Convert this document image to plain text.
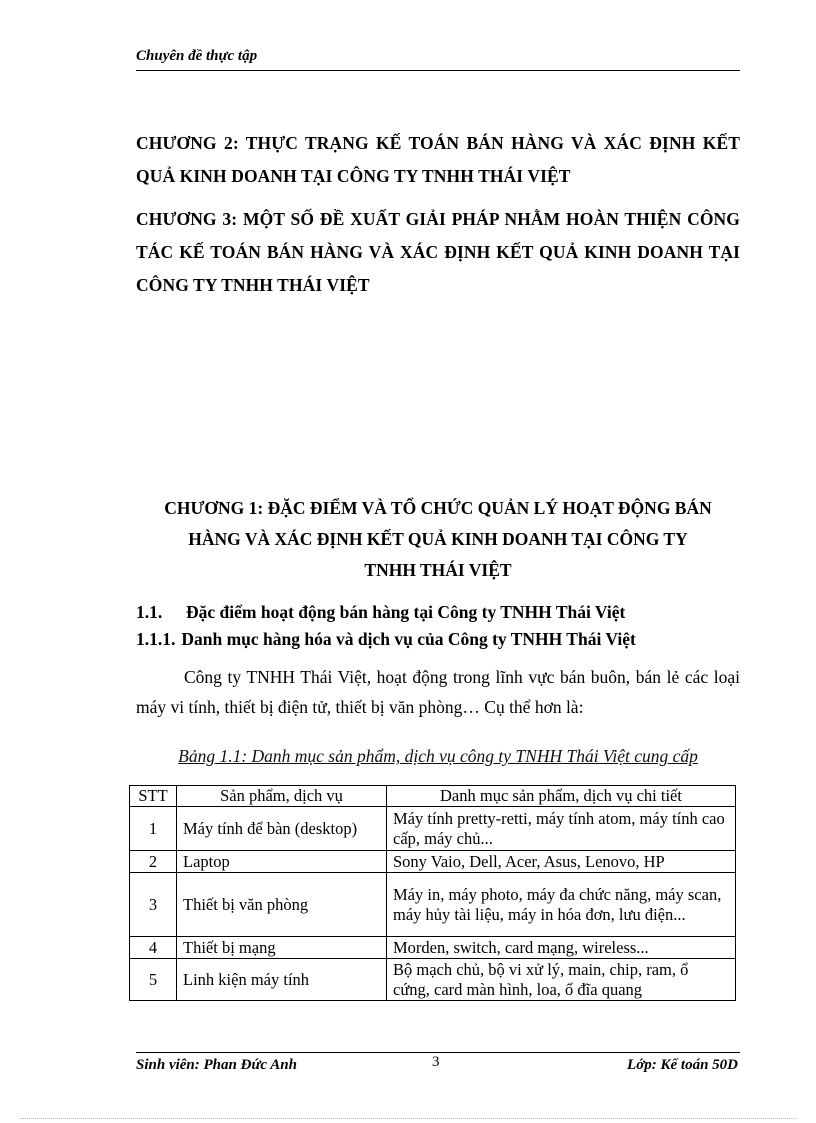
Chuyên đề thực tập
CHƯƠNG 2: THỰC TRẠNG KẾ TOÁN BÁN HÀNG VÀ XÁC ĐỊNH KẾT QUẢ KINH DOANH TẠI CÔNG TY TNHH THÁI VIỆT
CHƯƠNG 3: MỘT SỐ ĐỀ XUẤT GIẢI PHÁP NHẰM HOÀN THIỆN CÔNG TÁC KẾ TOÁN BÁN HÀNG VÀ XÁC ĐỊNH KẾT QUẢ KINH DOANH TẠI CÔNG TY TNHH THÁI VIỆT
CHƯƠNG 1: ĐẶC ĐIỂM VÀ TỔ CHỨC QUẢN LÝ HOẠT ĐỘNG BÁN
HÀNG VÀ XÁC ĐỊNH KẾT QUẢ KINH DOANH TẠI CÔNG TY
TNHH THÁI VIỆT
1.1. Đặc điểm hoạt động bán hàng tại Công ty TNHH Thái Việt
1.1.1. Danh mục hàng hóa và dịch vụ của Công ty TNHH Thái Việt
Công ty TNHH Thái Việt, hoạt động trong lĩnh vực bán buôn, bán lẻ các loại máy vi tính, thiết bị điện tử, thiết bị văn phòng… Cụ thể hơn là:
Bảng 1.1: Danh mục sản phẩm, dịch vụ công ty TNHH Thái Việt cung cấp
STT	Sản phẩm, dịch vụ	Danh mục sản phẩm, dịch vụ chi tiết
1	Máy tính để bàn (desktop)	Máy tính pretty-retti, máy tính atom, máy tính cao cấp, máy chủ...
2	Laptop	Sony Vaio, Dell, Acer, Asus, Lenovo, HP
3	Thiết bị văn phòng	Máy in, máy photo, máy đa chức năng, máy scan, máy hủy tài liệu, máy in hóa đơn, lưu điện...
4	Thiết bị mạng	Morden, switch, card mạng, wireless...
5	Linh kiện máy tính	Bộ mạch chủ, bộ vi xử lý, main, chip, ram, ổ cứng, card màn hình, loa, ổ đĩa quang
Sinh viên: Phan Đức Anh	3	Lớp: Kế toán 50D
